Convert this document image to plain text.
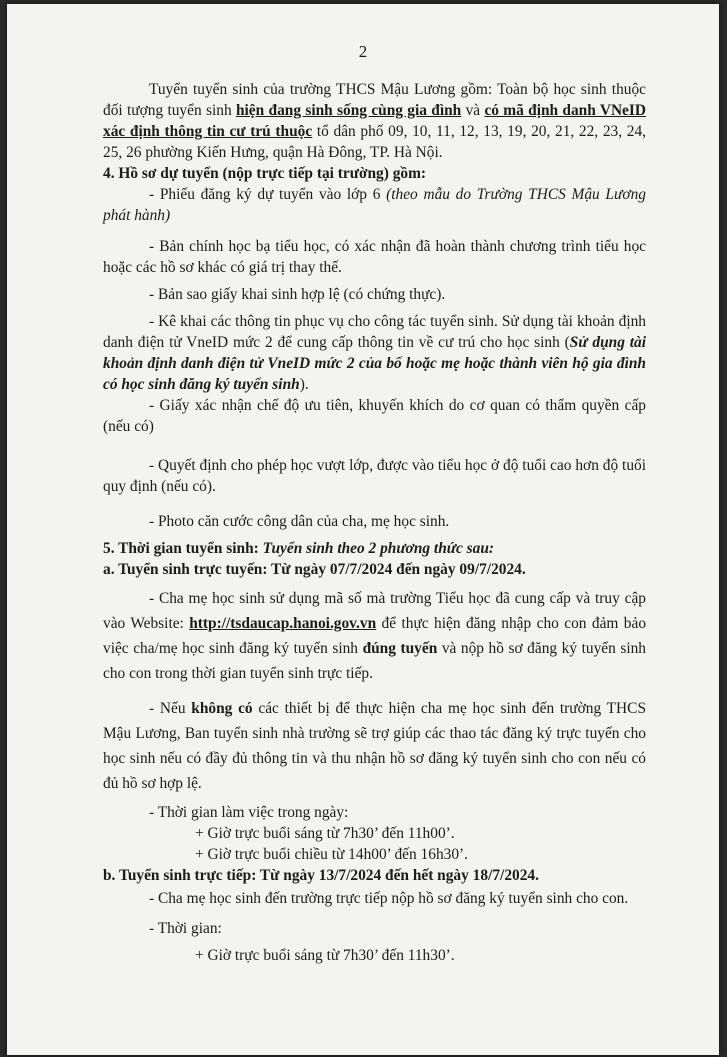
2

Tuyển tuyển sinh của trường THCS Mậu Lương gồm: Toàn bộ học sinh thuộc đối tượng tuyển sinh hiện đang sinh sống cùng gia đình và có mã định danh VNeID xác định thông tin cư trú thuộc tổ dân phố 09, 10, 11, 12, 13, 19, 20, 21, 22, 23, 24, 25, 26 phường Kiến Hưng, quận Hà Đông, TP. Hà Nội.

4. Hồ sơ dự tuyển (nộp trực tiếp tại trường) gồm:

- Phiếu đăng ký dự tuyển vào lớp 6 (theo mẫu do Trường THCS Mậu Lương phát hành)

- Bản chính học bạ tiểu học, có xác nhận đã hoàn thành chương trình tiểu học hoặc các hồ sơ khác có giá trị thay thế.

- Bản sao giấy khai sinh hợp lệ (có chứng thực).

- Kê khai các thông tin phục vụ cho công tác tuyển sinh. Sử dụng tài khoản định danh điện tử VneID mức 2 để cung cấp thông tin về cư trú cho học sinh (Sử dụng tài khoản định danh điện tử VneID mức 2 của bố hoặc mẹ hoặc thành viên hộ gia đình có học sinh đăng ký tuyển sinh).

- Giấy xác nhận chế độ ưu tiên, khuyến khích do cơ quan có thẩm quyền cấp (nếu có)

- Quyết định cho phép học vượt lớp, được vào tiểu học ở độ tuổi cao hơn độ tuổi quy định (nếu có).

- Photo căn cước công dân của cha, mẹ học sinh.

5. Thời gian tuyển sinh: Tuyển sinh theo 2 phương thức sau:

a. Tuyển sinh trực tuyến: Từ ngày 07/7/2024 đến ngày 09/7/2024.

- Cha mẹ học sinh sử dụng mã số mà trường Tiểu học đã cung cấp và truy cập vào Website: http://tsdaucap.hanoi.gov.vn để thực hiện đăng nhập cho con đảm bảo việc cha/mẹ học sinh đăng ký tuyển sinh đúng tuyến và nộp hồ sơ đăng ký tuyển sinh cho con trong thời gian tuyển sinh trực tiếp.

- Nếu không có các thiết bị để thực hiện cha mẹ học sinh đến trường THCS Mậu Lương, Ban tuyển sinh nhà trường sẽ trợ giúp các thao tác đăng ký trực tuyến cho học sinh nếu có đầy đủ thông tin và thu nhận hồ sơ đăng ký tuyển sinh cho con nếu có đủ hồ sơ hợp lệ.

- Thời gian làm việc trong ngày:

+ Giờ trực buổi sáng từ 7h30’ đến 11h00’.

+ Giờ trực buổi chiều từ 14h00’ đến 16h30’.

b. Tuyển sinh trực tiếp: Từ ngày 13/7/2024 đến hết ngày 18/7/2024.

- Cha mẹ học sinh đến trường trực tiếp nộp hồ sơ đăng ký tuyển sinh cho con.

- Thời gian:

+ Giờ trực buổi sáng từ 7h30’ đến 11h30’.
